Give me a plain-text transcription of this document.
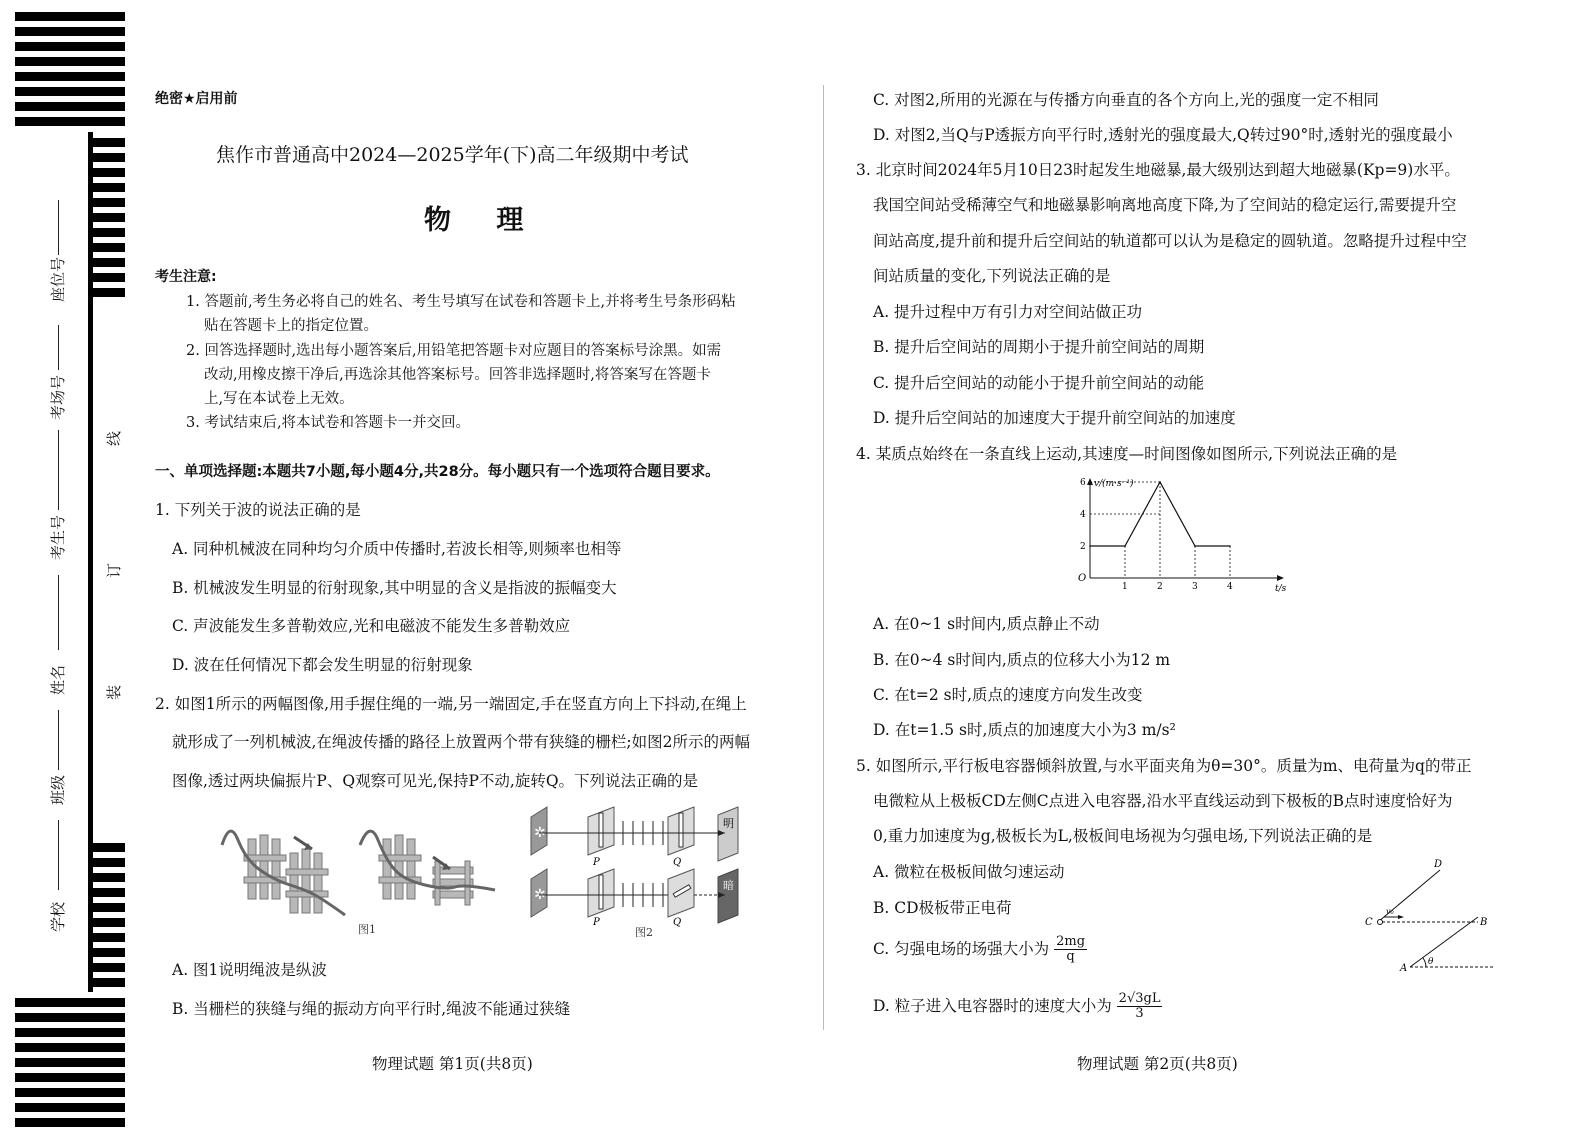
座位号
考场号
考生号
姓名
班级
学校
线
订
装
绝密★启用前
焦作市普通高中2024—2025学年(下)高二年级期中考试
物 理
考生注意:
1. 答题前,考生务必将自己的姓名、考生号填写在试卷和答题卡上,并将考生号条形码粘
贴在答题卡上的指定位置。
2. 回答选择题时,选出每小题答案后,用铅笔把答题卡对应题目的答案标号涂黑。如需
改动,用橡皮擦干净后,再选涂其他答案标号。回答非选择题时,将答案写在答题卡
上,写在本试卷上无效。
3. 考试结束后,将本试卷和答题卡一并交回。
一、单项选择题:本题共7小题,每小题4分,共28分。每小题只有一个选项符合题目要求。
1. 下列关于波的说法正确的是
A. 同种机械波在同种均匀介质中传播时,若波长相等,则频率也相等
B. 机械波发生明显的衍射现象,其中明显的含义是指波的振幅变大
C. 声波能发生多普勒效应,光和电磁波不能发生多普勒效应
D. 波在任何情况下都会发生明显的衍射现象
2. 如图1所示的两幅图像,用手握住绳的一端,另一端固定,手在竖直方向上下抖动,在绳上
就形成了一列机械波,在绳波传播的路径上放置两个带有狭缝的栅栏;如图2所示的两幅
图像,透过两块偏振片P、Q观察可见光,保持P不动,旋转Q。下列说法正确的是
图1
✲
P	Q
明
✲
P	Q
暗
图2
A. 图1说明绳波是纵波
B. 当栅栏的狭缝与绳的振动方向平行时,绳波不能通过狭缝
物理试题 第1页(共8页)
C. 对图2,所用的光源在与传播方向垂直的各个方向上,光的强度一定不相同
D. 对图2,当Q与P透振方向平行时,透射光的强度最大,Q转过90°时,透射光的强度最小
3. 北京时间2024年5月10日23时起发生地磁暴,最大级别达到超大地磁暴(Kp=9)水平。
我国空间站受稀薄空气和地磁暴影响离地高度下降,为了空间站的稳定运行,需要提升空
间站高度,提升前和提升后空间站的轨道都可以认为是稳定的圆轨道。忽略提升过程中空
间站质量的变化,下列说法正确的是
A. 提升过程中万有引力对空间站做正功
B. 提升后空间站的周期小于提升前空间站的周期
C. 提升后空间站的动能小于提升前空间站的动能
D. 提升后空间站的加速度大于提升前空间站的加速度
4. 某质点始终在一条直线上运动,其速度—时间图像如图所示,下列说法正确的是
v/(m·s⁻¹)
t/s
O
1	2	3	4
2
4
6
A. 在0~1 s时间内,质点静止不动
B. 在0~4 s时间内,质点的位移大小为12 m
C. 在t=2 s时,质点的速度方向发生改变
D. 在t=1.5 s时,质点的加速度大小为3 m/s²
5. 如图所示,平行板电容器倾斜放置,与水平面夹角为θ=30°。质量为m、电荷量为q的带正
电微粒从上极板CD左侧C点进入电容器,沿水平直线运动到下极板的B点时速度恰好为
0,重力加速度为g,极板长为L,极板间电场视为匀强电场,下列说法正确的是
A. 微粒在极板间做匀速运动
B. CD极板带正电荷
C. 匀强电场的场强大小为 $\frac{2mg}{q}$
D. 粒子进入电容器时的速度大小为 $\frac{2√3gL}{3}$
D
C	B
A
v₀
θ
物理试题 第2页(共8页)
